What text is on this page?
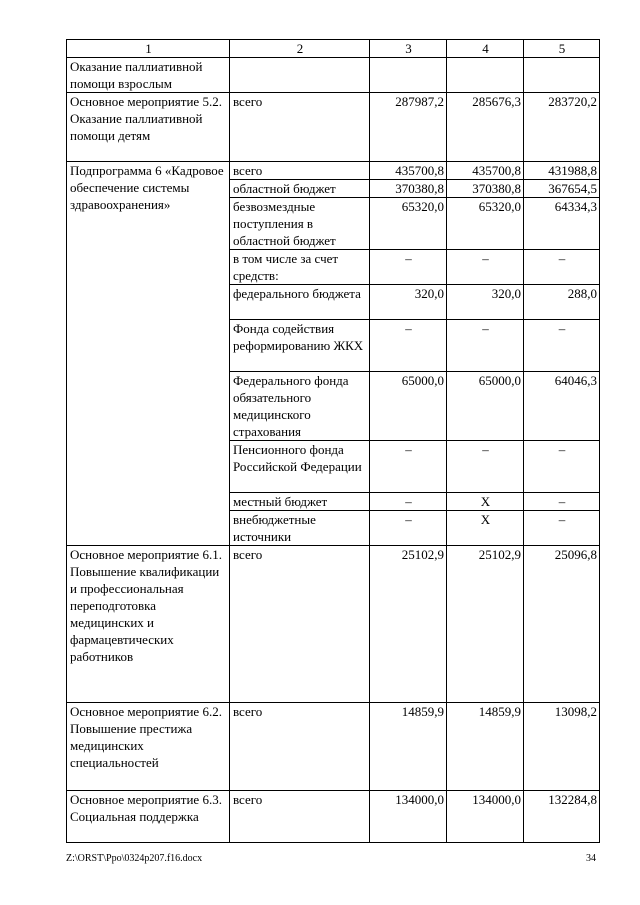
1	2	3	4	5
Оказание паллиативной помощи взрослым				
Основное мероприятие 5.2. Оказание паллиативной помощи детям	всего	287987,2	285676,3	283720,2
Подпрограмма 6 «Кадровое обеспечение системы здравоохранения»	всего	435700,8	435700,8	431988,8
	областной бюджет	370380,8	370380,8	367654,5
	безвозмездные поступления в областной бюджет	65320,0	65320,0	64334,3
	в том числе за счет средств:	–	–	–
	федерального бюджета	320,0	320,0	288,0
	Фонда содействия реформированию ЖКХ	–	–	–
	Федерального фонда обязательного медицинского страхования	65000,0	65000,0	64046,3
	Пенсионного фонда Российской Федерации	–	–	–
	местный бюджет	–	X	–
	внебюджетные источники	–	X	–
Основное мероприятие 6.1. Повышение квалификации и профессиональная переподготовка медицинских и фармацевтических работников	всего	25102,9	25102,9	25096,8
Основное мероприятие 6.2. Повышение престижа медицинских специальностей	всего	14859,9	14859,9	13098,2
Основное мероприятие 6.3. Социальная поддержка	всего	134000,0	134000,0	132284,8
Z:\ORST\Ppo\0324p207.f16.docx	34
